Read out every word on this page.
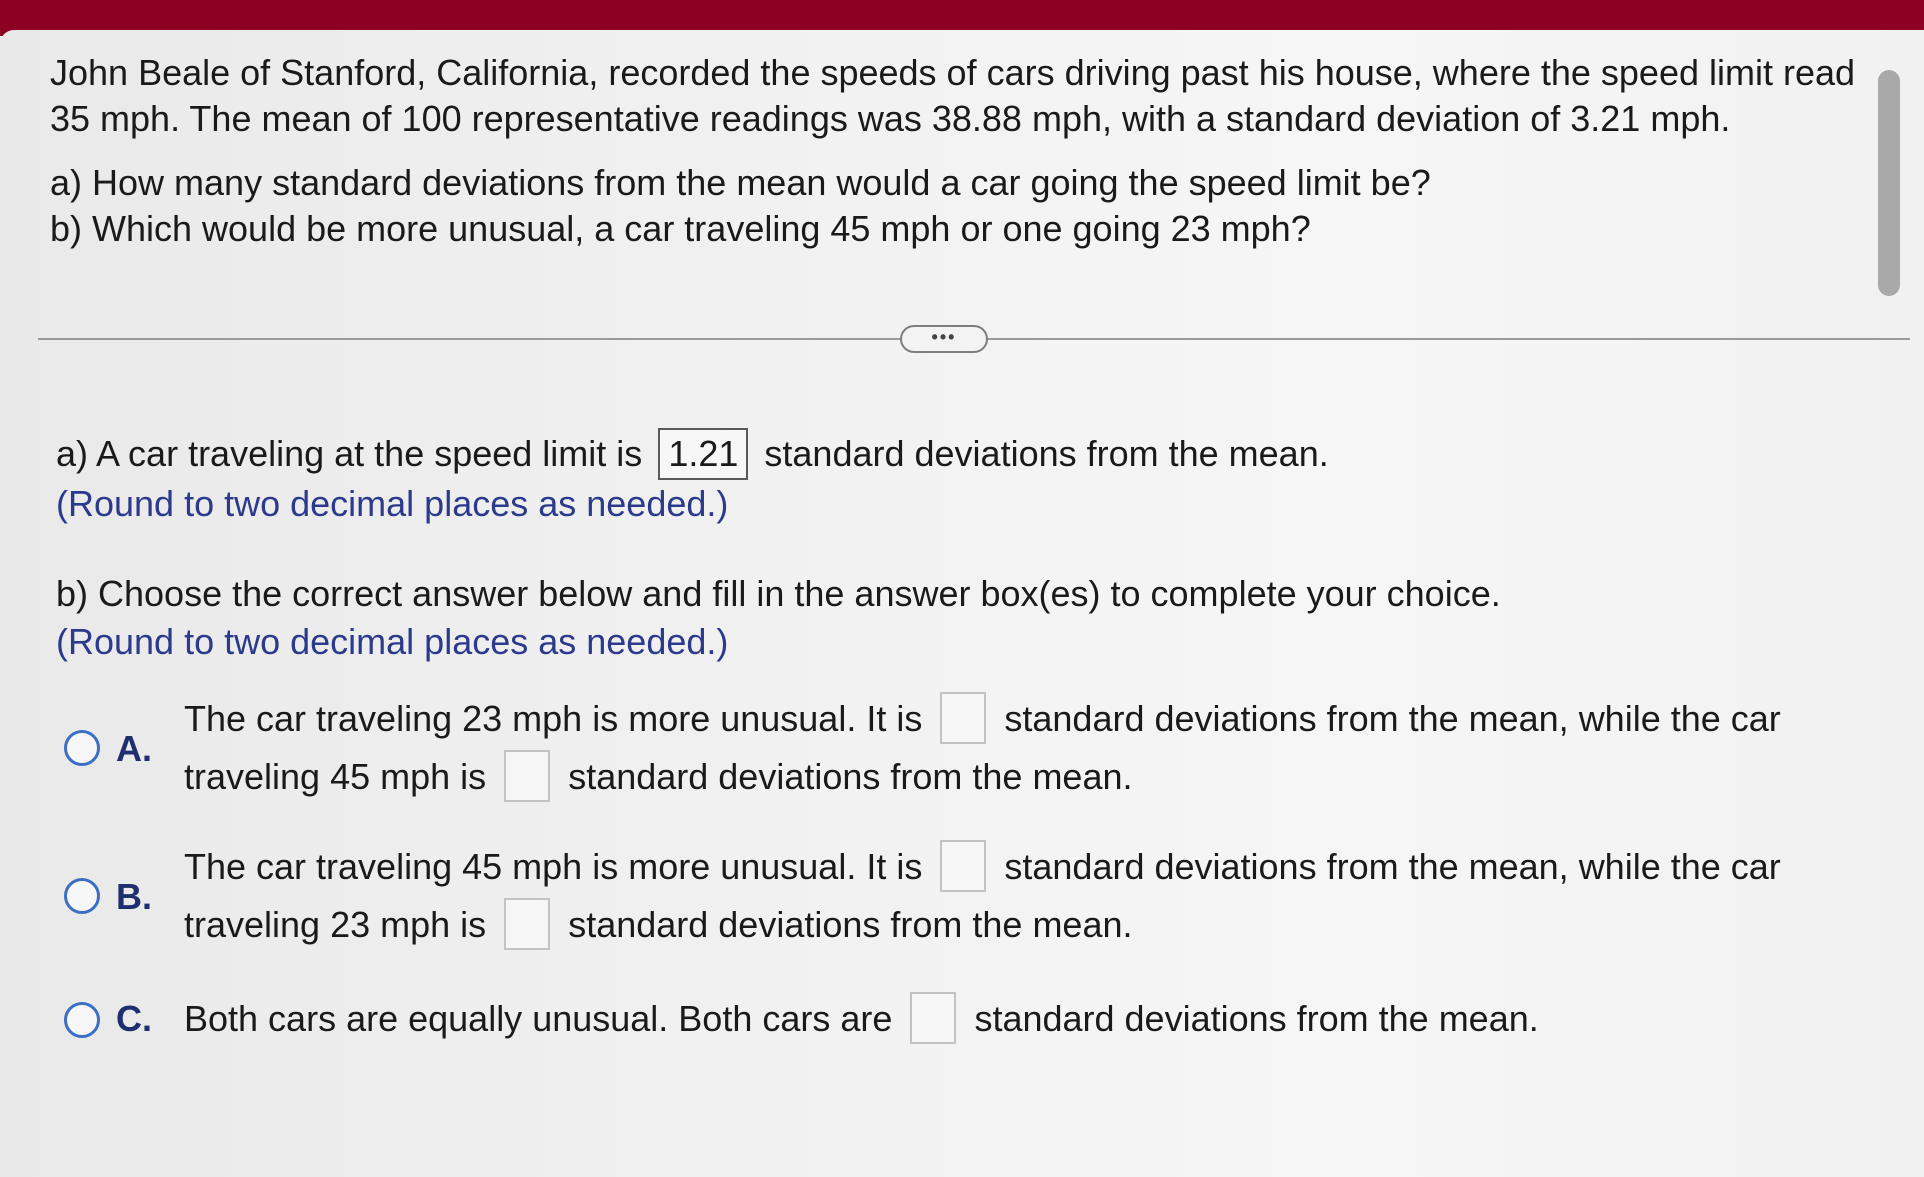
John Beale of Stanford, California, recorded the speeds of cars driving past his house, where the speed limit read

35 mph. The mean of 100 representative readings was 38.88 mph, with a standard deviation of 3.21 mph.

a) How many standard deviations from the mean would a car going the speed limit be?

b) Which would be more unusual, a car traveling 45 mph or one going 23 mph?

•••

a) A car traveling at the speed limit is 1.21 standard deviations from the mean.

(Round to two decimal places as needed.)

b) Choose the correct answer below and fill in the answer box(es) to complete your choice.

(Round to two decimal places as needed.)

A.

The car traveling 23 mph is more unusual. It is standard deviations from the mean, while the car

traveling 45 mph is standard deviations from the mean.

B.

The car traveling 45 mph is more unusual. It is standard deviations from the mean, while the car

traveling 23 mph is standard deviations from the mean.

C. Both cars are equally unusual. Both cars are standard deviations from the mean.
